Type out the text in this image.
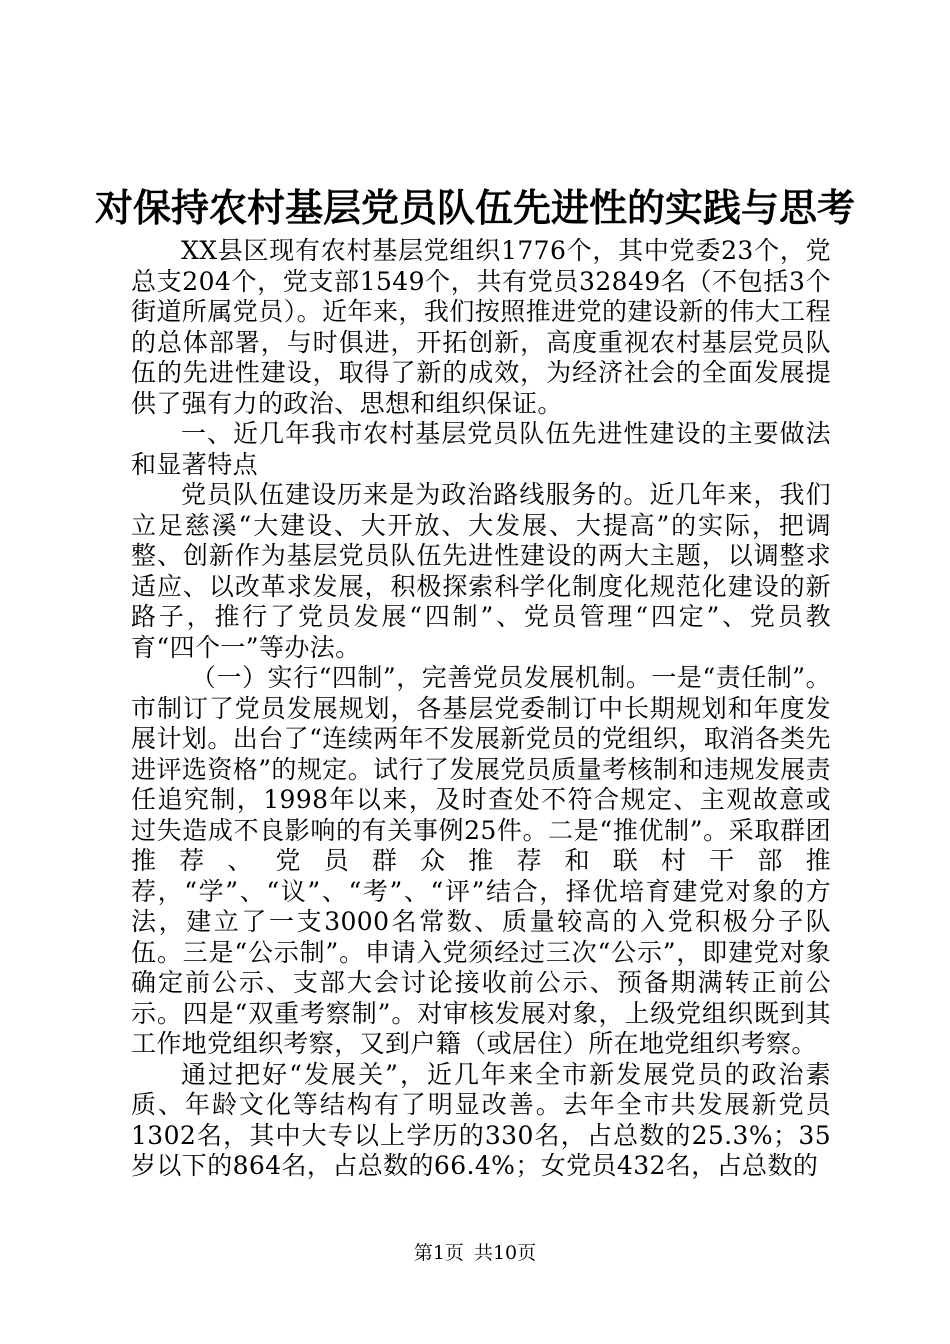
对保持农村基层党员队伍先进性的实践与思考

XX县区现有农村基层党组织1776个，其中党委23个，党总支204个，党支部1549个，共有党员32849名（不包括3个街道所属党员）。近年来，我们按照推进党的建设新的伟大工程的总体部署，与时俱进，开拓创新，高度重视农村基层党员队伍的先进性建设，取得了新的成效，为经济社会的全面发展提供了强有力的政治、思想和组织保证。

一、近几年我市农村基层党员队伍先进性建设的主要做法和显著特点

党员队伍建设历来是为政治路线服务的。近几年来，我们立足慈溪“大建设、大开放、大发展、大提高”的实际，把调整、创新作为基层党员队伍先进性建设的两大主题，以调整求适应、以改革求发展，积极探索科学化制度化规范化建设的新路子，推行了党员发展“四制”、党员管理“四定”、党员教育“四个一”等办法。

（一）实行“四制”，完善党员发展机制。一是“责任制”。市制订了党员发展规划，各基层党委制订中长期规划和年度发展计划。出台了“连续两年不发展新党员的党组织，取消各类先进评选资格”的规定。试行了发展党员质量考核制和违规发展责任追究制，1998年以来，及时查处不符合规定、主观故意或过失造成不良影响的有关事例25件。二是“推优制”。采取群团推荐、党员群众推荐和联村干部推荐，“学”、“议”、“考”、“评”结合，择优培育建党对象的方法，建立了一支3000名常数、质量较高的入党积极分子队伍。三是“公示制”。申请入党须经过三次“公示”，即建党对象确定前公示、支部大会讨论接收前公示、预备期满转正前公示。四是“双重考察制”。对审核发展对象，上级党组织既到其工作地党组织考察，又到户籍（或居住）所在地党组织考察。

通过把好“发展关”，近几年来全市新发展党员的政治素质、年龄文化等结构有了明显改善。去年全市共发展新党员1302名，其中大专以上学历的330名，占总数的25.3%；35岁以下的864名，占总数的66.4%；女党员432名，占总数的

第1页 共10页
